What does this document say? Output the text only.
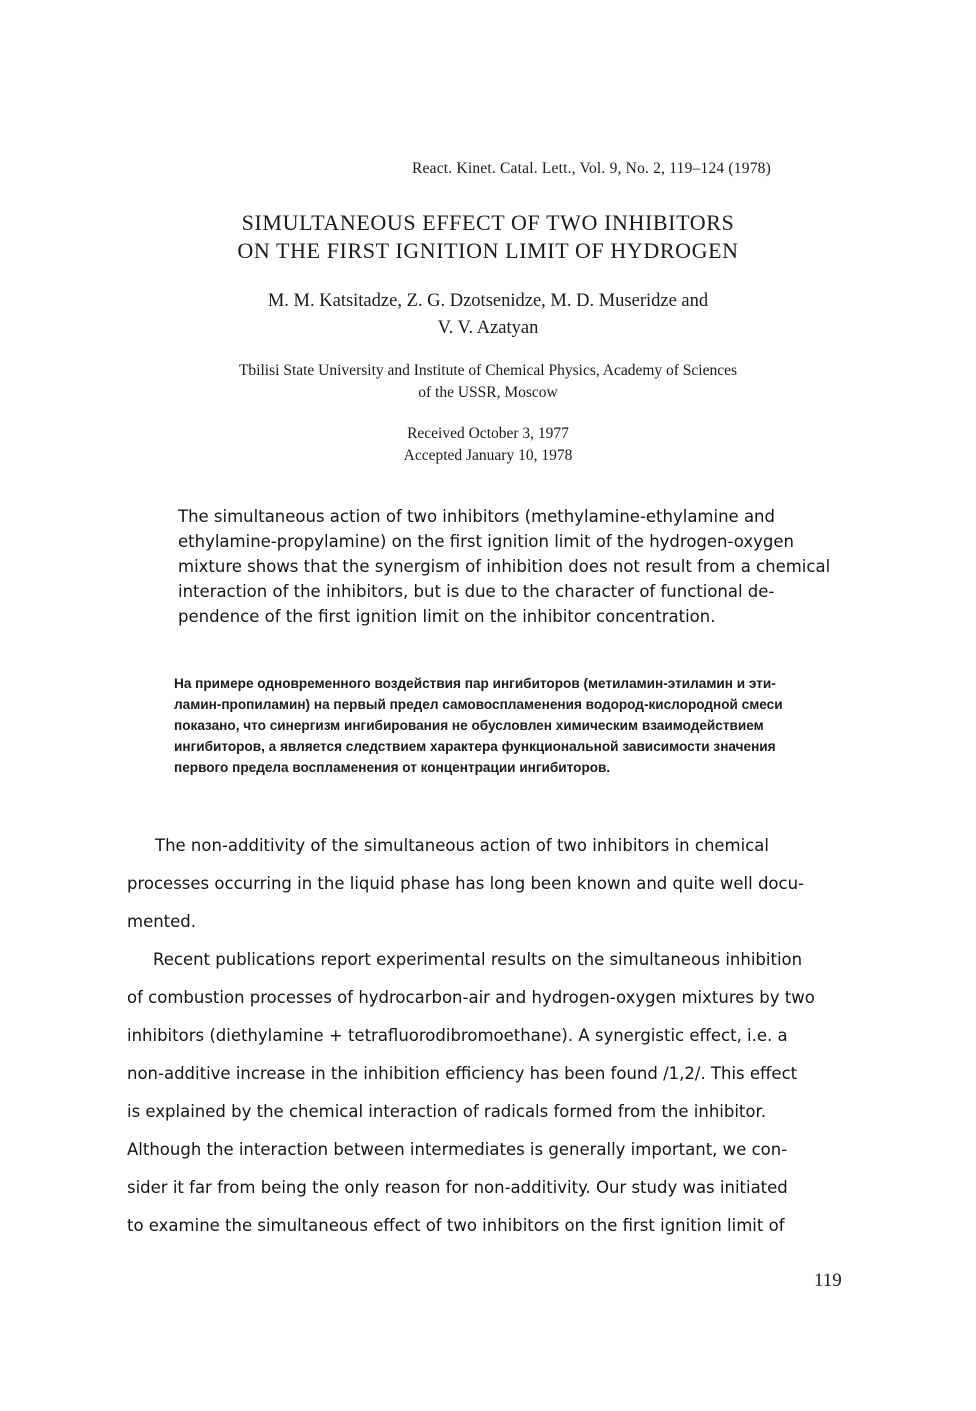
React. Kinet. Catal. Lett., Vol. 9, No. 2, 119–124 (1978)
SIMULTANEOUS EFFECT OF TWO INHIBITORS
ON THE FIRST IGNITION LIMIT OF HYDROGEN
M. M. Katsitadze, Z. G. Dzotsenidze, M. D. Museridze and
V. V. Azatyan
Tbilisi State University and Institute of Chemical Physics, Academy of Sciences
of the USSR, Moscow
Received October 3, 1977
Accepted January 10, 1978
The simultaneous action of two inhibitors (methylamine-ethylamine and
ethylamine-propylamine) on the first ignition limit of the hydrogen-oxygen
mixture shows that the synergism of inhibition does not result from a chemical
interaction of the inhibitors, but is due to the character of functional de-
pendence of the first ignition limit on the inhibitor concentration.
На примере одновременного воздействия пар ингибиторов (метиламин-этиламин и эти-
ламин-пропиламин) на первый предел самовоспламенения водород-кислородной смеси
показано, что синергизм ингибирования не обусловлен химическим взаимодействием
ингибиторов, а является следствием характера функциональной зависимости значения
первого предела воспламенения от концентрации ингибиторов.
The non-additivity of the simultaneous action of two inhibitors in chemical
processes occurring in the liquid phase has long been known and quite well docu-
mented.
Recent publications report experimental results on the simultaneous inhibition
of combustion processes of hydrocarbon-air and hydrogen-oxygen mixtures by two
inhibitors (diethylamine + tetrafluorodibromoethane). A synergistic effect, i.e. a
non-additive increase in the inhibition efficiency has been found /1,2/. This effect
is explained by the chemical interaction of radicals formed from the inhibitor.
Although the interaction between intermediates is generally important, we con-
sider it far from being the only reason for non-additivity. Our study was initiated
to examine the simultaneous effect of two inhibitors on the first ignition limit of
119
